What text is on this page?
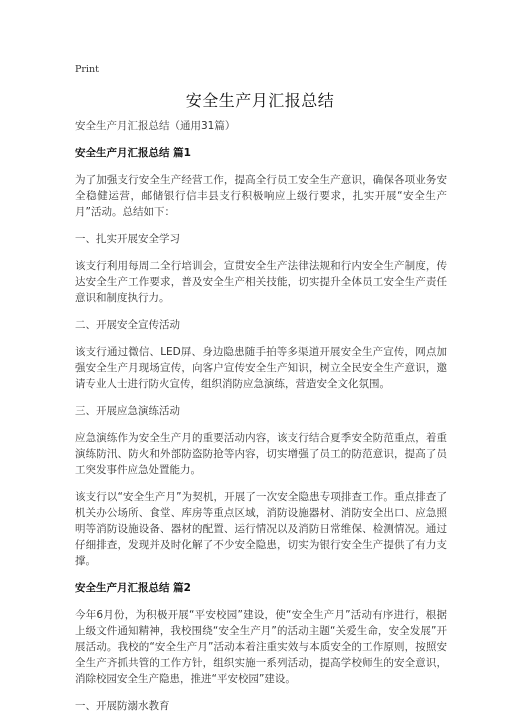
Print
安全生产月汇报总结

安全生产月汇报总结（通用31篇）

安全生产月汇报总结 篇1

为了加强支行安全生产经营工作，提高全行员工安全生产意识，确保各项业务安全稳健运营，邮储银行信丰县支行积极响应上级行要求，扎实开展“安全生产月”活动。总结如下：

一、扎实开展安全学习

该支行利用每周二全行培训会，宣贯安全生产法律法规和行内安全生产制度，传达安全生产工作要求，普及安全生产相关技能，切实提升全体员工安全生产责任意识和制度执行力。

二、开展安全宣传活动

该支行通过微信、LED屏、身边隐患随手拍等多渠道开展安全生产宣传，网点加强安全生产月现场宣传，向客户宣传安全生产知识，树立全民安全生产意识，邀请专业人士进行防火宣传，组织消防应急演练，营造安全文化氛围。

三、开展应急演练活动

应急演练作为安全生产月的重要活动内容，该支行结合夏季安全防范重点，着重演练防汛、防火和外部防盗防抢等内容，切实增强了员工的防范意识，提高了员工突发事件应急处置能力。

该支行以“安全生产月”为契机，开展了一次安全隐患专项排查工作。重点排查了机关办公场所、食堂、库房等重点区域，消防设施器材、消防安全出口、应急照明等消防设施设备、器材的配置、运行情况以及消防日常维保、检测情况。通过仔细排查，发现并及时化解了不少安全隐患，切实为银行安全生产提供了有力支撑。

安全生产月汇报总结 篇2

今年6月份，为积极开展“平安校园”建设，使“安全生产月”活动有序进行，根据上级文件通知精神，我校围绕“安全生产月”的活动主题“关爱生命，安全发展”开展活动。我校的“安全生产月”活动本着注重实效与本质安全的工作原则，按照安全生产齐抓共管的工作方针，组织实施一系列活动，提高学校师生的安全意识，消除校园安全生产隐患，推进“平安校园”建设。

一、开展防溺水教育
